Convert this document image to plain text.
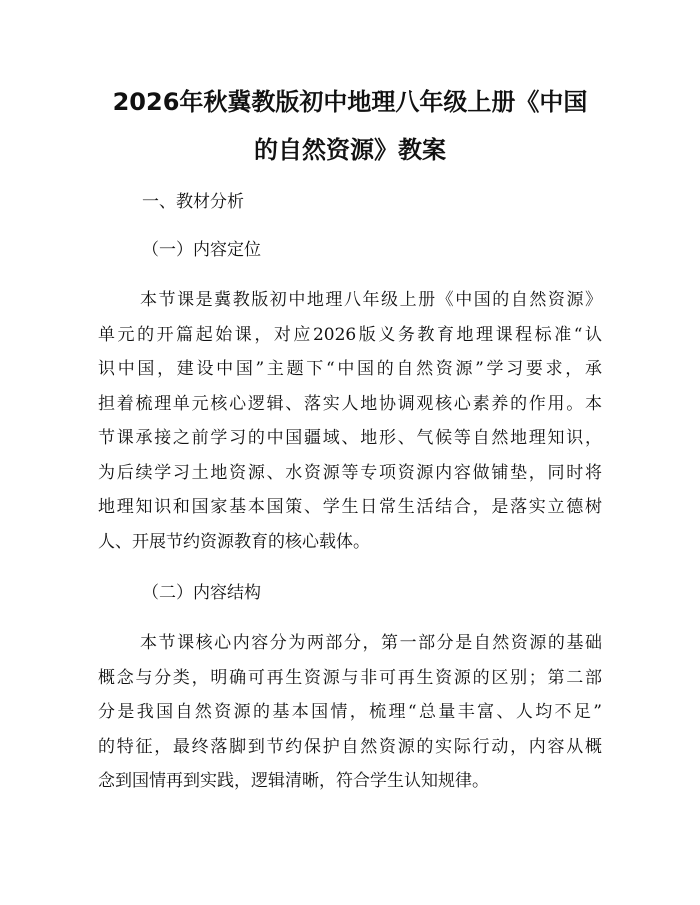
2026年秋冀教版初中地理八年级上册《中国
的自然资源》教案

一、教材分析

（一）内容定位

本节课是冀教版初中地理八年级上册《中国的自然资源》
单元的开篇起始课，对应2026版义务教育地理课程标准“认
识中国，建设中国”主题下“中国的自然资源”学习要求，承
担着梳理单元核心逻辑、落实人地协调观核心素养的作用。本
节课承接之前学习的中国疆域、地形、气候等自然地理知识，
为后续学习土地资源、水资源等专项资源内容做铺垫，同时将
地理知识和国家基本国策、学生日常生活结合，是落实立德树
人、开展节约资源教育的核心载体。

（二）内容结构

本节课核心内容分为两部分，第一部分是自然资源的基础
概念与分类，明确可再生资源与非可再生资源的区别；第二部
分是我国自然资源的基本国情，梳理“总量丰富、人均不足”
的特征，最终落脚到节约保护自然资源的实际行动，内容从概
念到国情再到实践，逻辑清晰，符合学生认知规律。
